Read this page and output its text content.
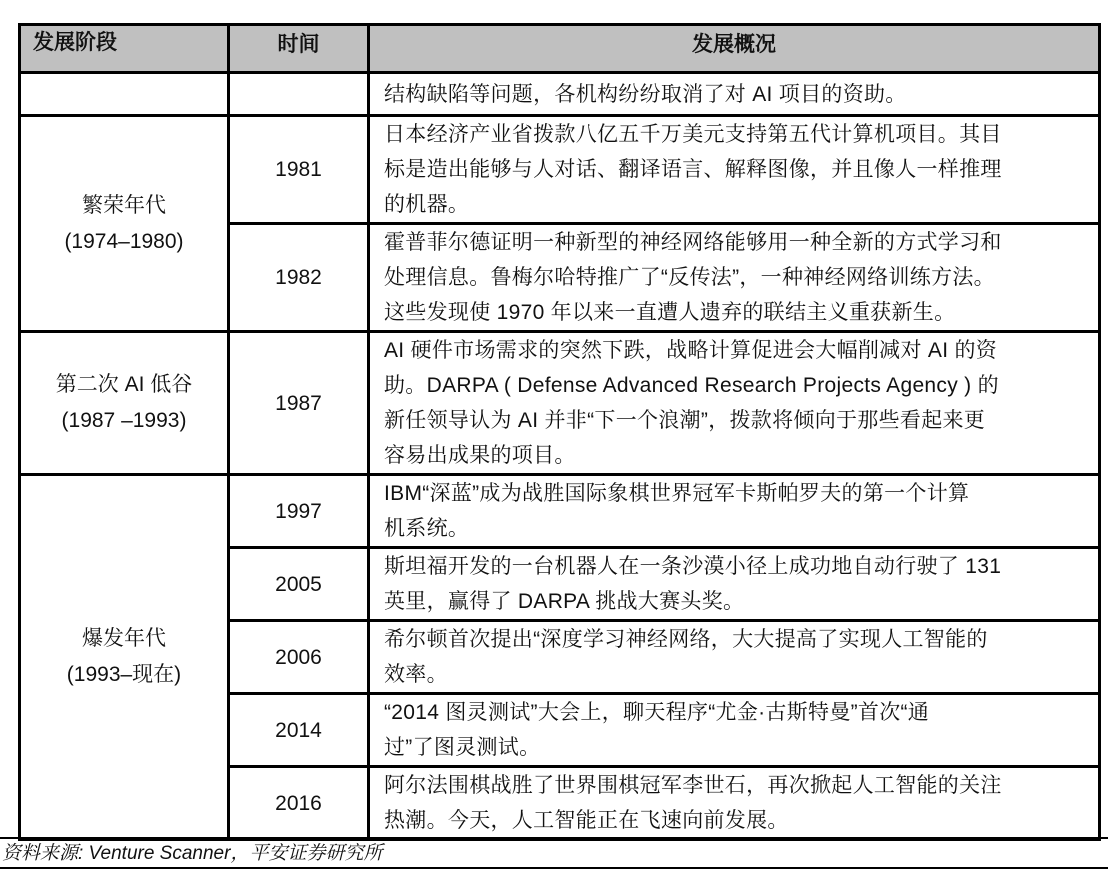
发展阶段	时间	发展概况

		结构缺陷等问题，各机构纷纷取消了对 AI 项目的资助。

繁荣年代
(1974–1980)	1981	日本经济产业省拨款八亿五千万美元支持第五代计算机项目。其目
标是造出能够与人对话、翻译语言、解释图像，并且像人一样推理
的机器。

	1982	霍普菲尔德证明一种新型的神经网络能够用一种全新的方式学习和
处理信息。鲁梅尔哈特推广了“反传法”，一种神经网络训练方法。
这些发现使 1970 年以来一直遭人遗弃的联结主义重获新生。

第二次 AI 低谷
(1987 –1993)	1987	AI 硬件市场需求的突然下跌，战略计算促进会大幅削减对 AI 的资
助。DARPA ( Defense Advanced Research Projects Agency ) 的
新任领导认为 AI 并非“下一个浪潮”，拨款将倾向于那些看起来更
容易出成果的项目。

爆发年代
(1993–现在)	1997	IBM“深蓝”成为战胜国际象棋世界冠军卡斯帕罗夫的第一个计算
机系统。

	2005	斯坦福开发的一台机器人在一条沙漠小径上成功地自动行驶了 131
英里，赢得了 DARPA 挑战大赛头奖。

	2006	希尔顿首次提出“深度学习神经网络，大大提高了实现人工智能的
效率。

	2014	“2014 图灵测试”大会上，聊天程序“尤金·古斯特曼”首次“通
过”了图灵测试。

	2016	阿尔法围棋战胜了世界围棋冠军李世石，再次掀起人工智能的关注
热潮。今天，人工智能正在飞速向前发展。
资料来源: Venture Scanner，平安证券研究所
